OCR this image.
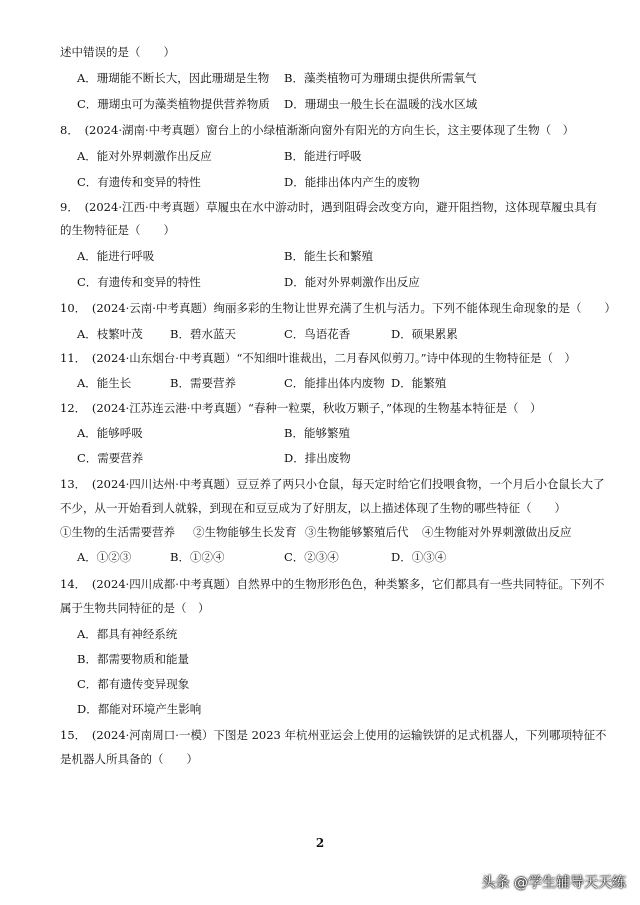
述中错误的是（　　）
A．珊瑚能不断长大，因此珊瑚是生物 B．藻类植物可为珊瑚虫提供所需氧气
C．珊瑚虫可为藻类植物提供营养物质 D．珊瑚虫一般生长在温暖的浅水区域
8．　(2024·湖南·中考真题）窗台上的小绿植渐渐向窗外有阳光的方向生长，这主要体现了生物（　）
A．能对外界刺激作出反应	B．能进行呼吸
C．有遗传和变异的特性	D．能排出体内产生的废物
9．　(2024·江西·中考真题）草履虫在水中游动时，遇到阻碍会改变方向，避开阻挡物，这体现草履虫具有
的生物特征是（　　）
A．能进行呼吸	B．能生长和繁殖
C．有遗传和变异的特性	D．能对外界刺激作出反应
10．　(2024·云南·中考真题）绚丽多彩的生物让世界充满了生机与活力。下列不能体现生命现象的是（　　）
A．枝繁叶茂 B．碧水蓝天	C．鸟语花香	D．硕果累累
11．　(2024·山东烟台·中考真题）“不知细叶谁裁出，二月春风似剪刀。”诗中体现的生物特征是（　）
A．能生长	B．需要营养	C．能排出体内废物 D．能繁殖
12．　(2024·江苏连云港·中考真题）“春种一粒粟，秋收万颗子，”体现的生物基本特征是（　）
A．能够呼吸	B．能够繁殖
C．需要营养	D．排出废物
13．　(2024·四川达州·中考真题）豆豆养了两只小仓鼠，每天定时给它们投喂食物，一个月后小仓鼠长大了
不少，从一开始看到人就躲，到现在和豆豆成为了好朋友，以上描述体现了生物的哪些特征（　　）
①生物的生活需要营养 ②生物能够生长发育 ③生物能够繁殖后代 ④生物能对外界刺激做出反应
A．①②③	B．①②④	C．②③④	D．①③④
14．　(2024·四川成都·中考真题）自然界中的生物形形色色，种类繁多，它们都具有一些共同特征。下列不
属于生物共同特征的是（　）
A．都具有神经系统
B．都需要物质和能量
C．都有遗传变异现象
D．都能对环境产生影响
15．　(2024·河南周口·一模）下图是 2023 年杭州亚运会上使用的运输铁饼的足式机器人，下列哪项特征不
是机器人所具备的（　　）
2
头条 @学生辅导天天练
